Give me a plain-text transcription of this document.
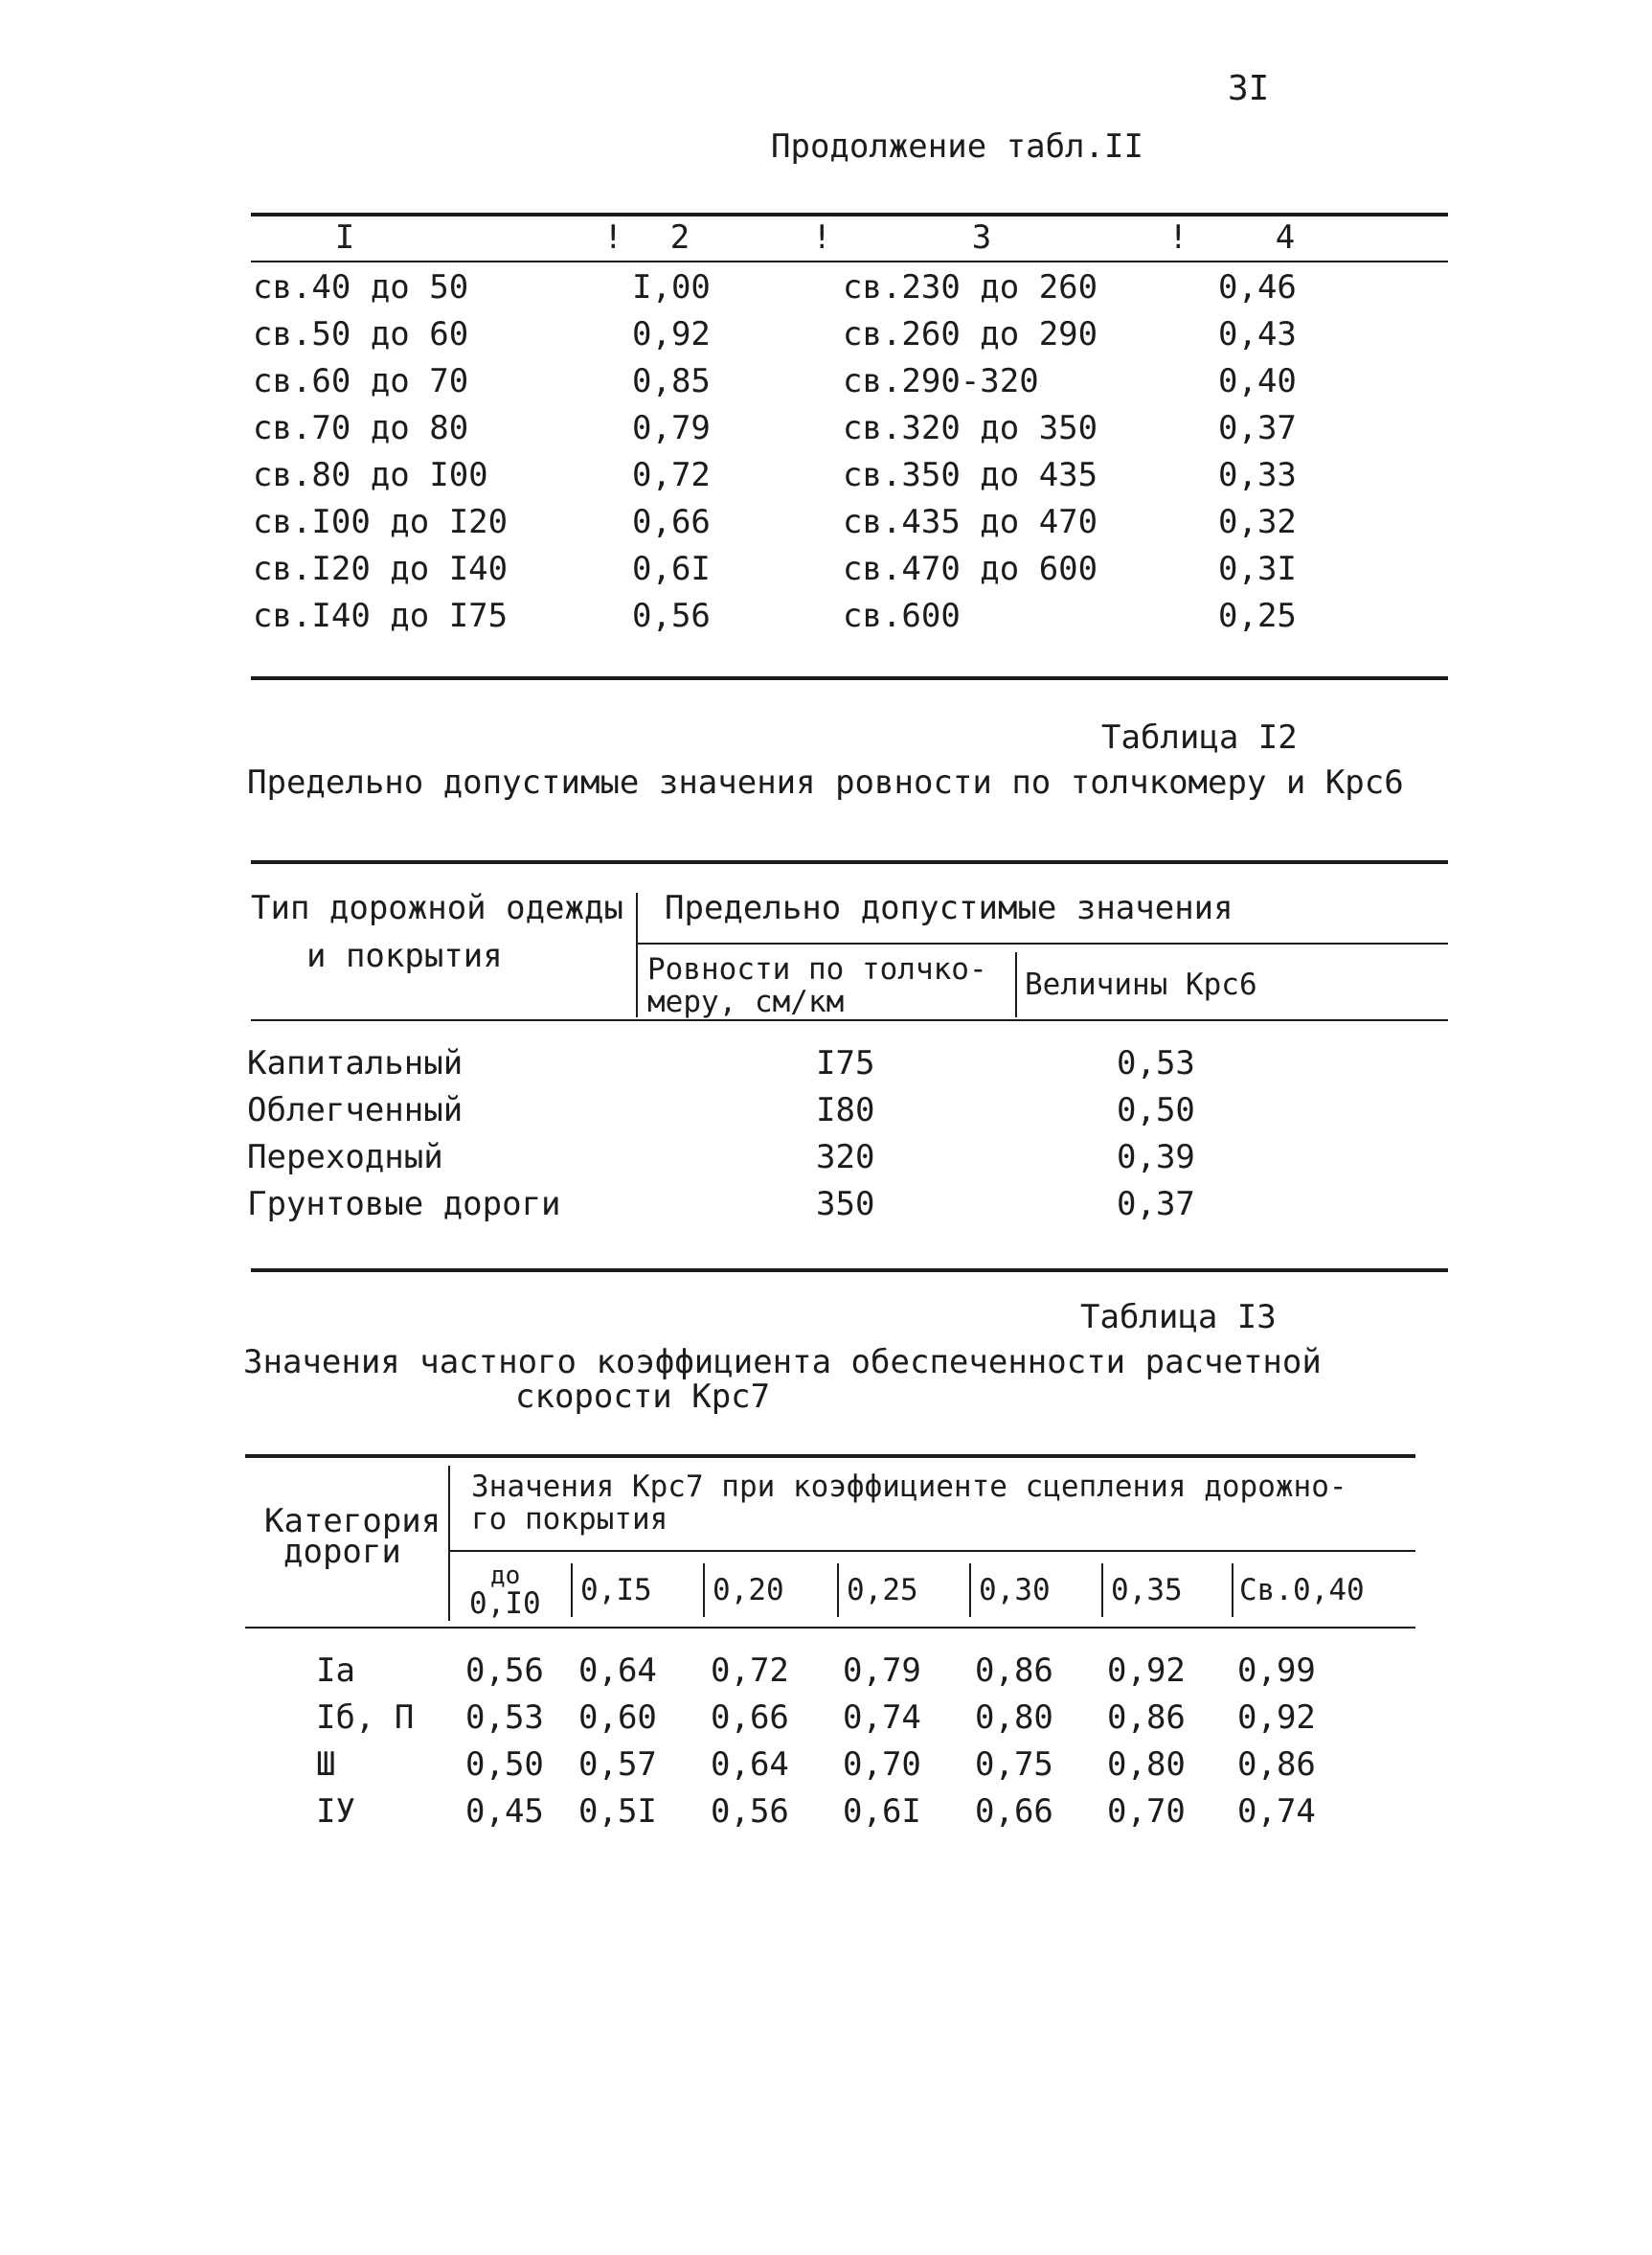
3I
Продолжение табл.II
I	!	2	!	3	!	4
св.40 до 50	I,00	св.230 до 260	0,46
св.50 до 60	0,92	св.260 до 290	0,43
св.60 до 70	0,85	св.290-320	0,40
св.70 до 80	0,79	св.320 до 350	0,37
св.80 до I00	0,72	св.350 до 435	0,33
св.I00 до I20	0,66	св.435 до 470	0,32
св.I20 до I40	0,6I	св.470 до 600	0,3I
св.I40 до I75	0,56	св.600	0,25
Таблица I2
Предельно допустимые значения ровности по толчкомеру и Крс6
Тип дорожной одежды
и покрытия
Предельно допустимые значения
Ровности по толчко-
меру, см/км	Величины Крс6
Капитальный	I75	0,53
Облегченный	I80	0,50
Переходный	320	0,39
Грунтовые дороги	350	0,37
Таблица I3
Значения частного коэффициента обеспеченности расчетной
скорости Крс7
Категория
дороги
Значения Крс7 при коэффициенте сцепления дорожно-
го покрытия
до
0,I0 0,I5 0,20 0,25 0,30 0,35 Св.0,40
Iа	0,56 0,64 0,72 0,79 0,86 0,92 0,99
Iб, П 0,53 0,60 0,66 0,74 0,80 0,86 0,92
Ш	0,50 0,57 0,64 0,70 0,75 0,80 0,86
IУ	0,45 0,5I 0,56 0,6I 0,66 0,70 0,74
